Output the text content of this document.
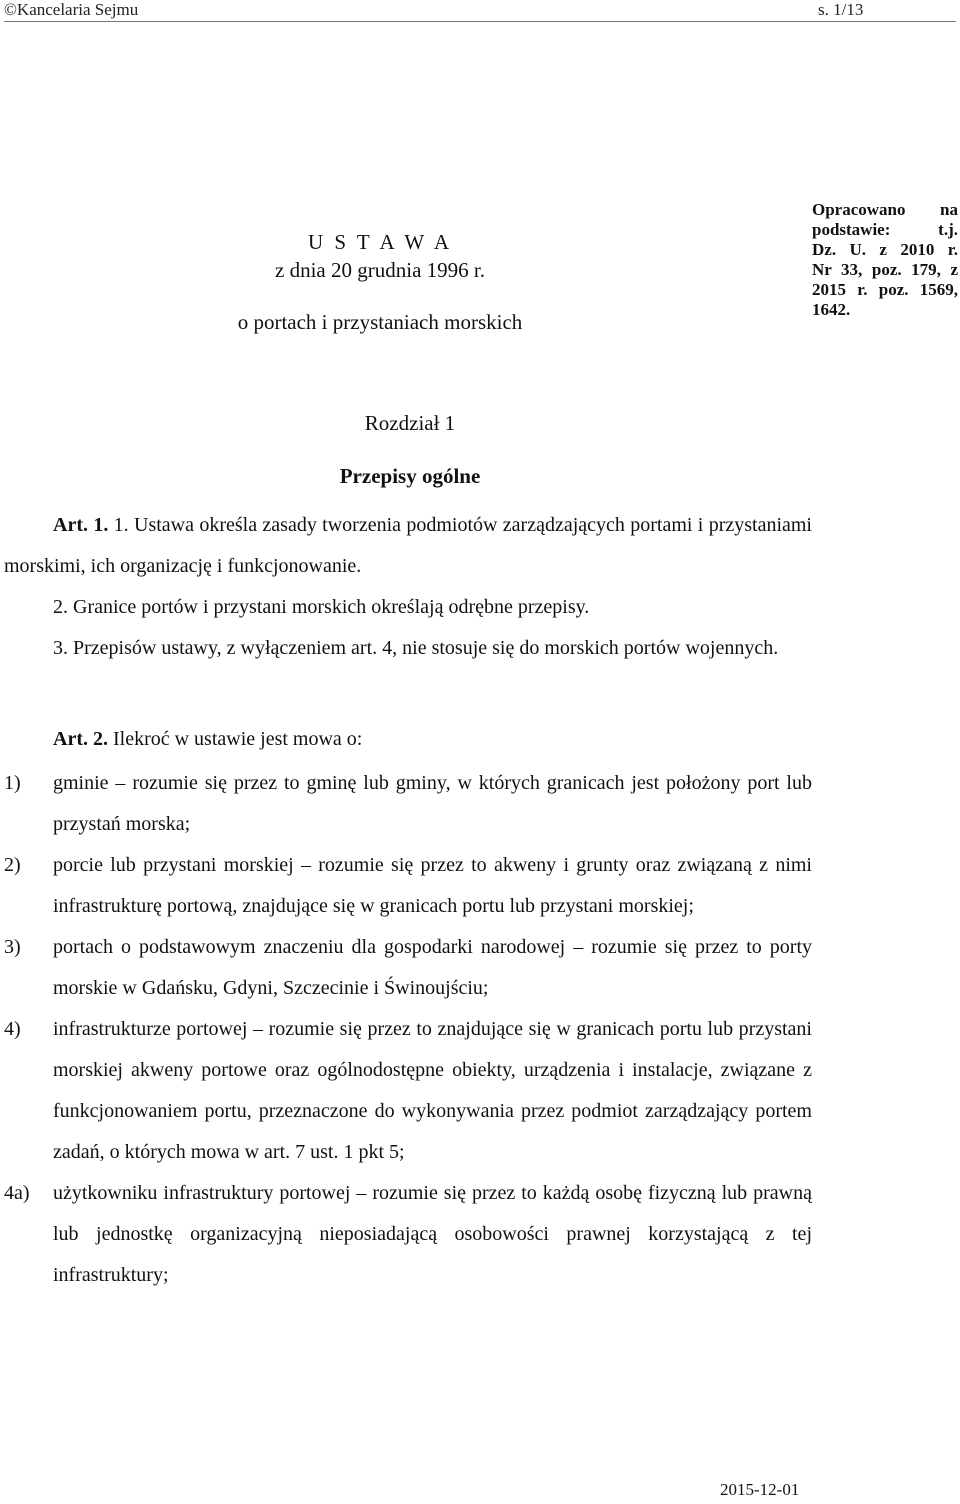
©Kancelaria Sejmu	s. 1/13
U S T A W A
z dnia 20 grudnia 1996 r.
o portach i przystaniach morskich
Opracowano na
podstawie: t.j.
Dz. U. z 2010 r.
Nr 33, poz. 179, z
2015 r. poz. 1569,
1642.
Rozdział 1
Przepisy ogólne
Art. 1. 1. Ustawa określa zasady tworzenia podmiotów zarządzających portami i przystaniami morskimi, ich organizację i funkcjonowanie.
2. Granice portów i przystani morskich określają odrębne przepisy.
3. Przepisów ustawy, z wyłączeniem art. 4, nie stosuje się do morskich portów wojennych.
Art. 2. Ilekroć w ustawie jest mowa o:
1) gminie – rozumie się przez to gminę lub gminy, w których granicach jest położony port lub przystań morska;
2) porcie lub przystani morskiej – rozumie się przez to akweny i grunty oraz związaną z nimi infrastrukturę portową, znajdujące się w granicach portu lub przystani morskiej;
3) portach o podstawowym znaczeniu dla gospodarki narodowej – rozumie się przez to porty morskie w Gdańsku, Gdyni, Szczecinie i Świnoujściu;
4) infrastrukturze portowej – rozumie się przez to znajdujące się w granicach portu lub przystani morskiej akweny portowe oraz ogólnodostępne obiekty, urządzenia i instalacje, związane z funkcjonowaniem portu, przeznaczone do wykonywania przez podmiot zarządzający portem zadań, o których mowa w art. 7 ust. 1 pkt 5;
4a) użytkowniku infrastruktury portowej – rozumie się przez to każdą osobę fizyczną lub prawną lub jednostkę organizacyjną nieposiadającą osobowości prawnej korzystającą z tej infrastruktury;
2015-12-01
